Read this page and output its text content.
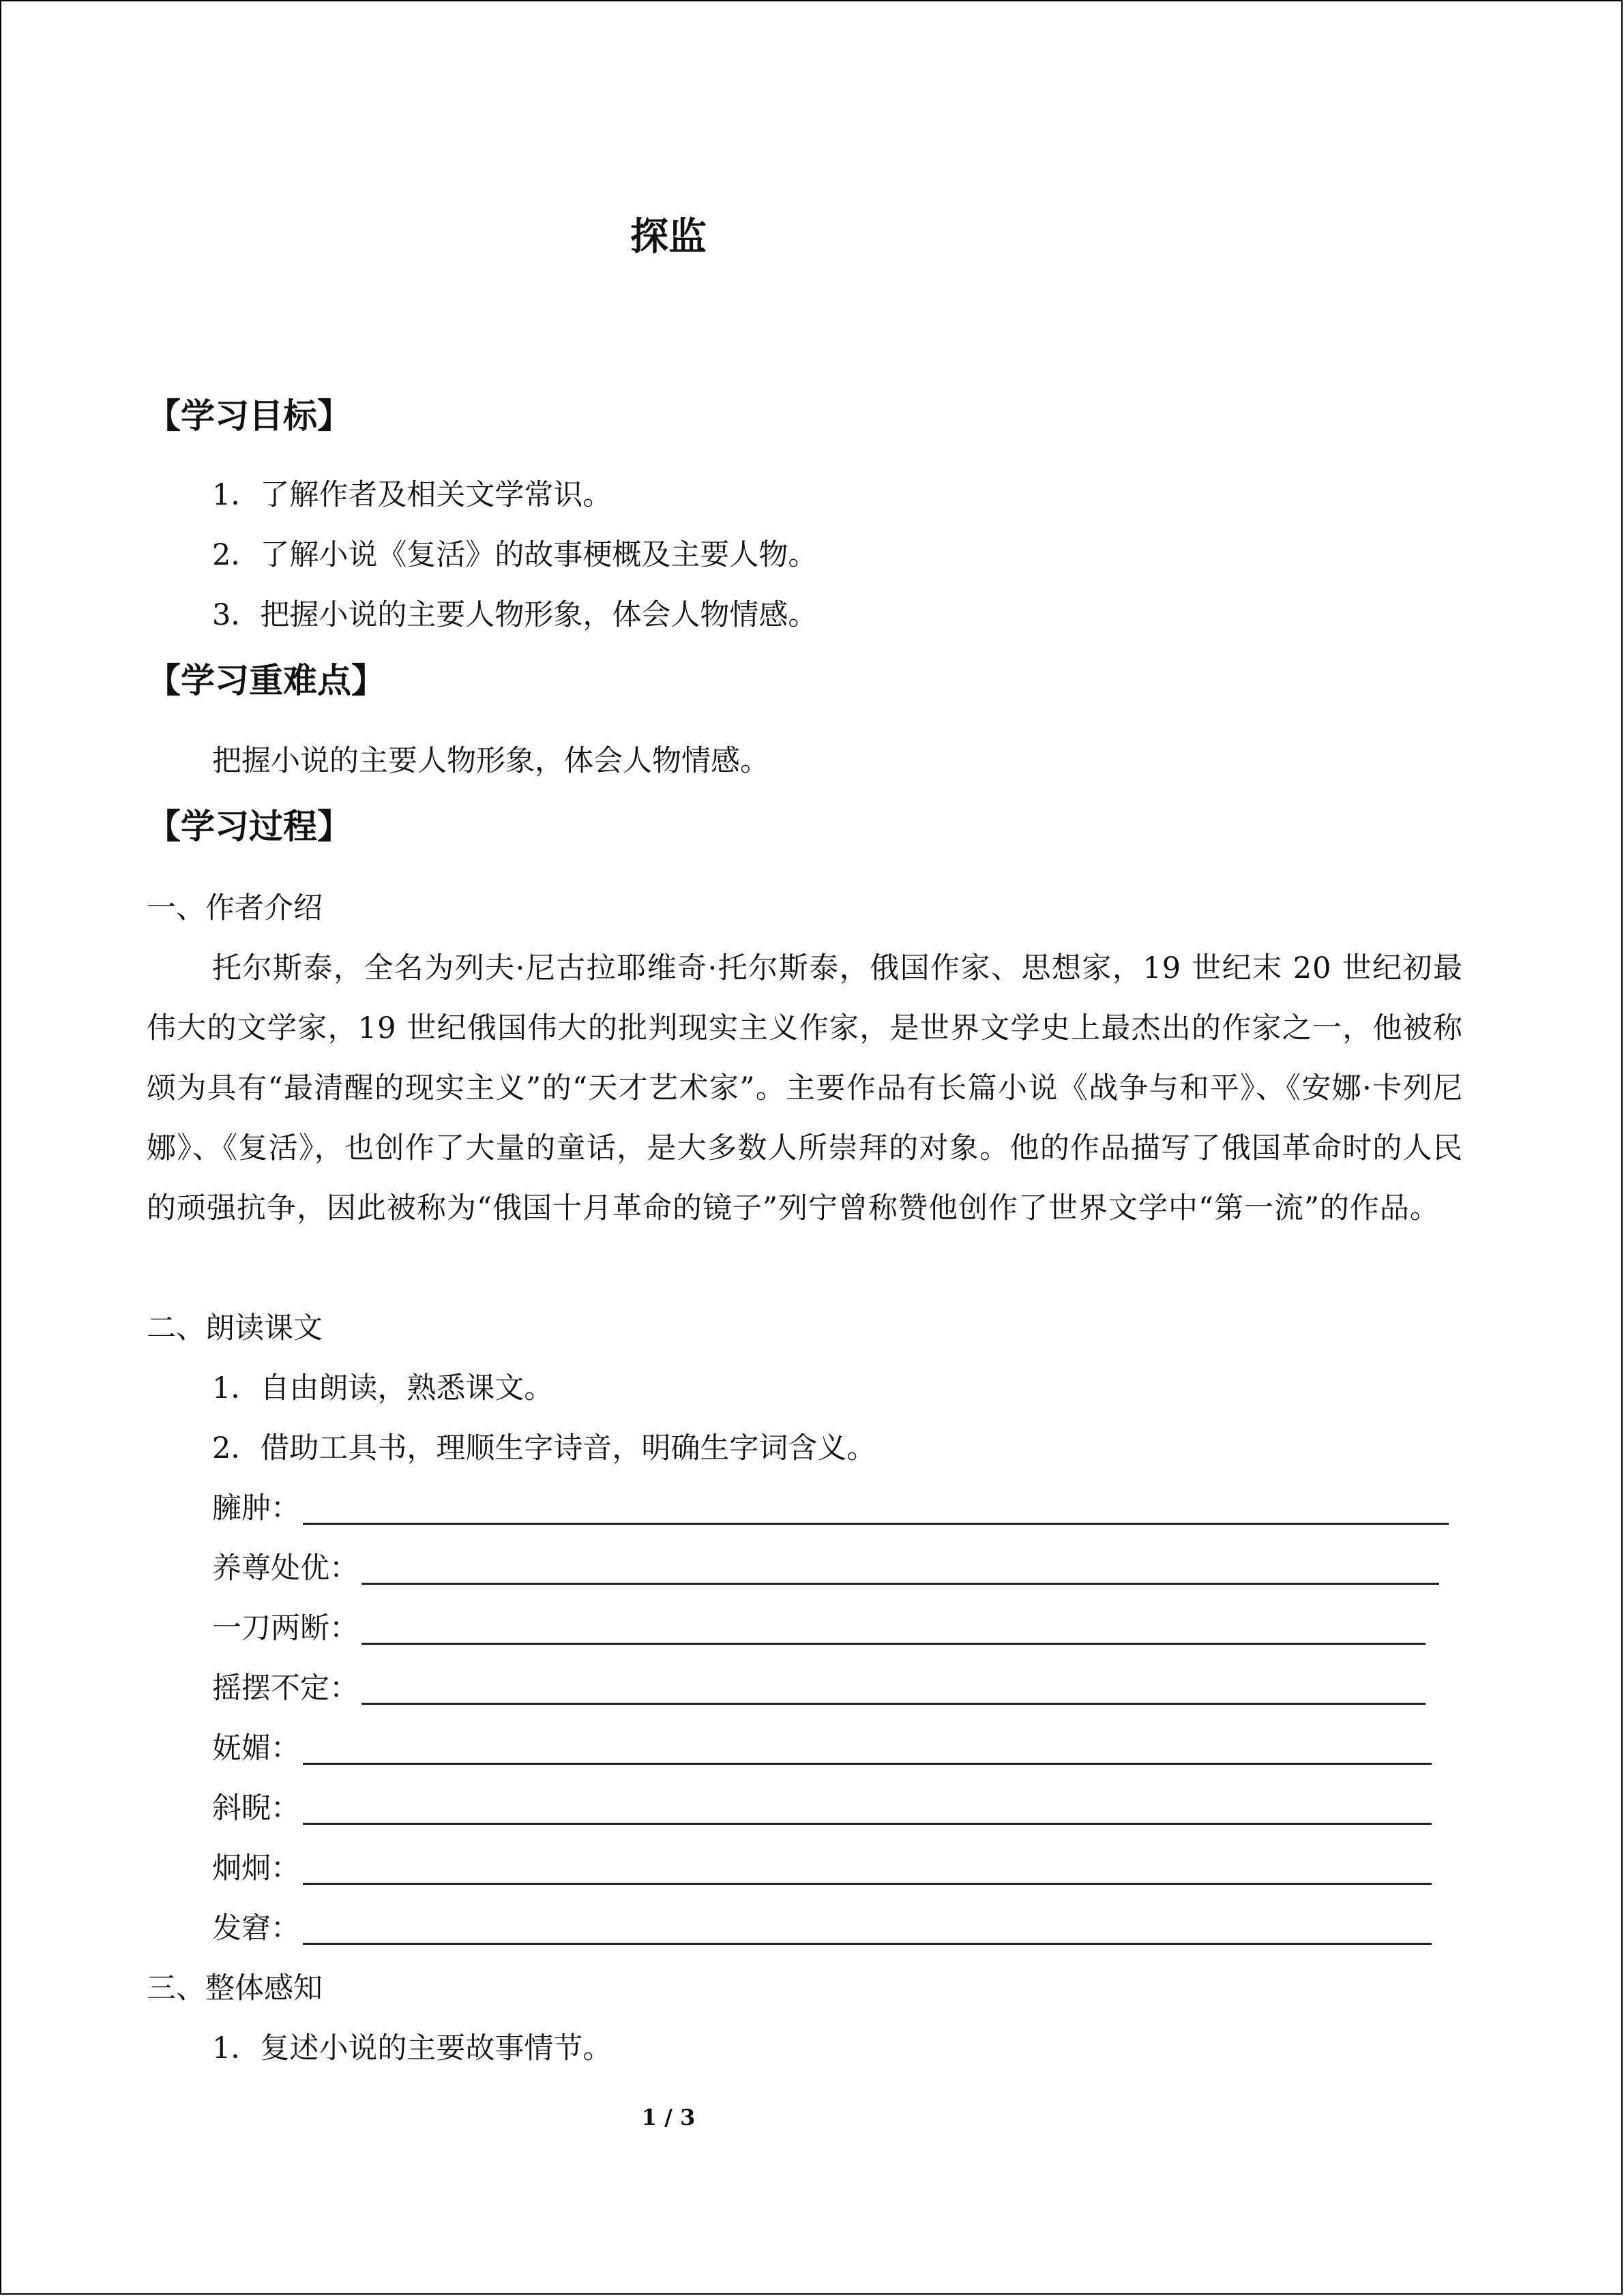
探监
【学习目标】
1．了解作者及相关文学常识。
2．了解小说《复活》的故事梗概及主要人物。
3．把握小说的主要人物形象，体会人物情感。
【学习重难点】
把握小说的主要人物形象，体会人物情感。
【学习过程】
一、作者介绍
托尔斯泰，全名为列夫·尼古拉耶维奇·托尔斯泰，俄国作家、思想家，19 世纪末 20 世纪初最伟大的文学家，19 世纪俄国伟大的批判现实主义作家，是世界文学史上最杰出的作家之一，他被称颂为具有“最清醒的现实主义”的“天才艺术家”。主要作品有长篇小说《战争与和平》、《安娜·卡列尼娜》、《复活》，也创作了大量的童话，是大多数人所崇拜的对象。他的作品描写了俄国革命时的人民的顽强抗争，因此被称为“俄国十月革命的镜子”列宁曾称赞他创作了世界文学中“第一流”的作品。
二、朗读课文
1．自由朗读，熟悉课文。
2．借助工具书，理顺生字诗音，明确生字词含义。
臃肿：
养尊处优：
一刀两断：
摇摆不定：
妩媚：
斜睨：
炯炯：
发窘：
三、整体感知
1．复述小说的主要故事情节。
1 / 3
